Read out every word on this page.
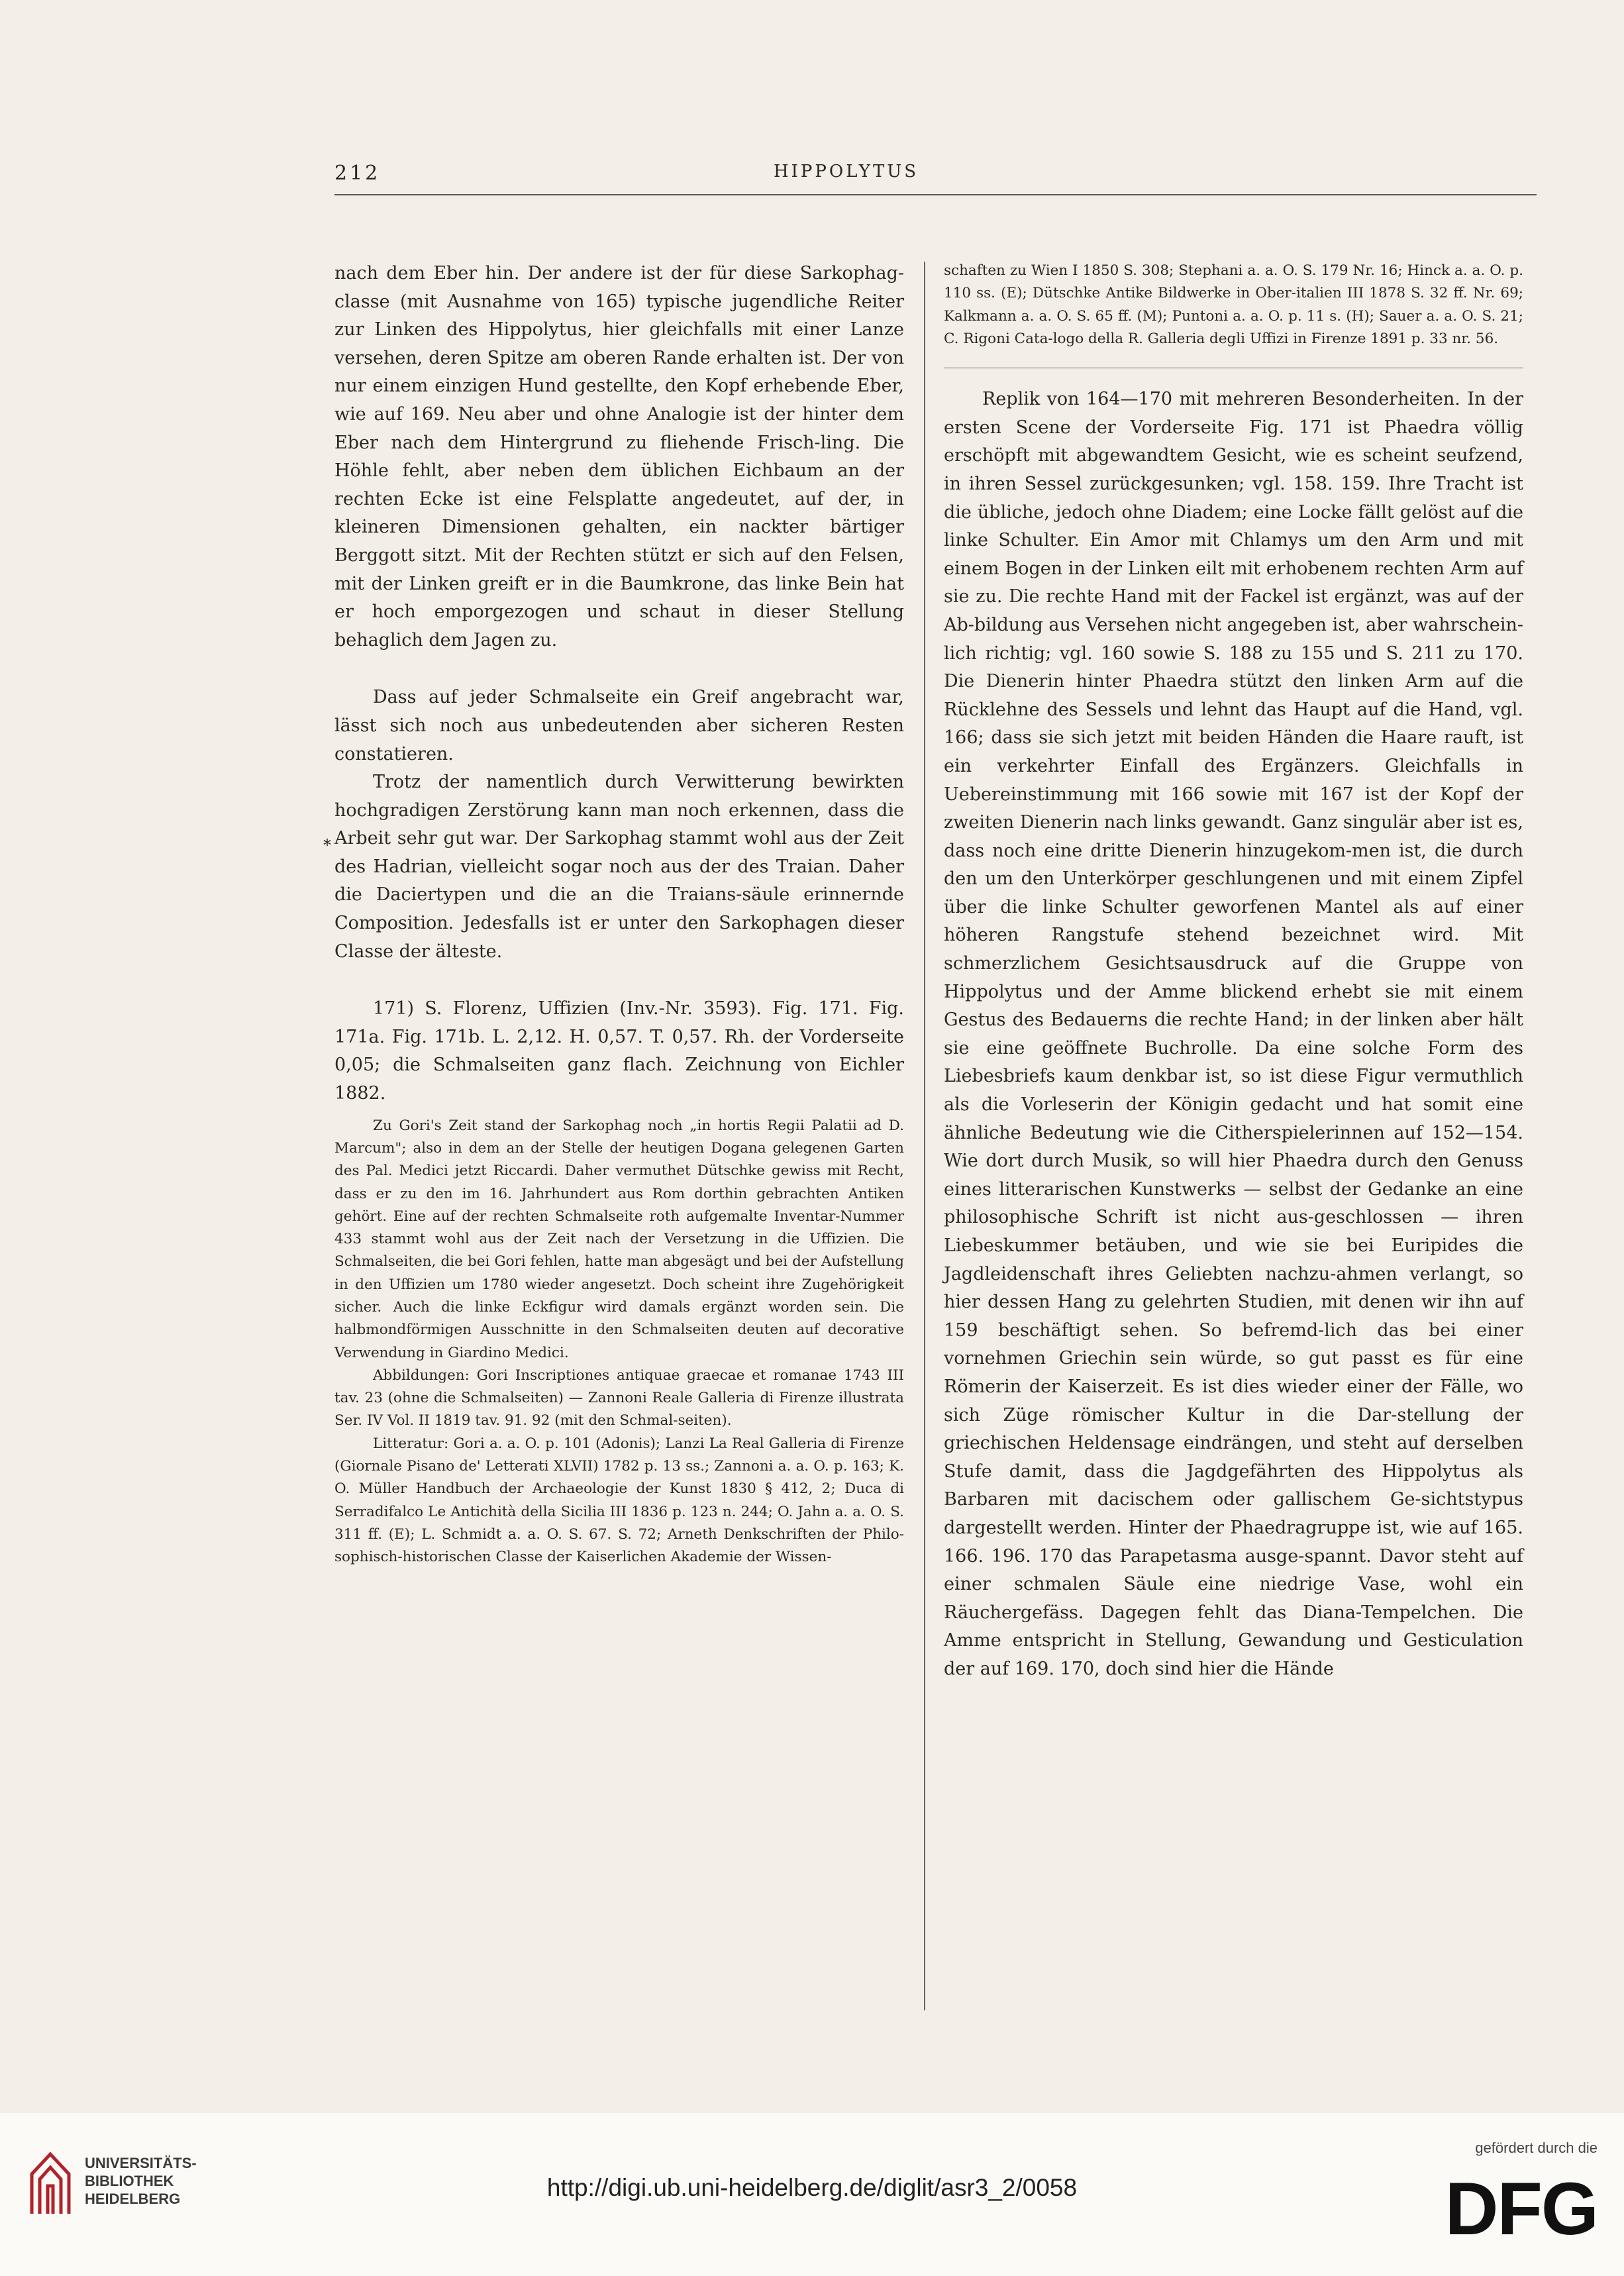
212	HIPPOLYTUS

nach dem Eber hin. Der andere ist der für diese Sarkophag-classe (mit Ausnahme von 165) typische jugendliche Reiter zur Linken des Hippolytus, hier gleichfalls mit einer Lanze versehen, deren Spitze am oberen Rande erhalten ist. Der von nur einem einzigen Hund gestellte, den Kopf erhebende Eber, wie auf 169. Neu aber und ohne Analogie ist der hinter dem Eber nach dem Hintergrund zu fliehende Frisch-ling. Die Höhle fehlt, aber neben dem üblichen Eichbaum an der rechten Ecke ist eine Felsplatte angedeutet, auf der, in kleineren Dimensionen gehalten, ein nackter bärtiger Berggott sitzt. Mit der Rechten stützt er sich auf den Felsen, mit der Linken greift er in die Baumkrone, das linke Bein hat er hoch emporgezogen und schaut in dieser Stellung behaglich dem Jagen zu.

Dass auf jeder Schmalseite ein Greif angebracht war, lässt sich noch aus unbedeutenden aber sicheren Resten constatieren.

Trotz der namentlich durch Verwitterung bewirkten hochgradigen Zerstörung kann man noch erkennen, dass die Arbeit sehr gut war. Der Sarkophag stammt wohl aus der Zeit des Hadrian, vielleicht sogar noch aus der des Traian. Daher die Daciertypen und die an die Traians-säule erinnernde Composition. Jedesfalls ist er unter den Sarkophagen dieser Classe der älteste.

171) S. Florenz, Uffizien (Inv.-Nr. 3593). Fig. 171. Fig. 171a. Fig. 171b. L. 2,12. H. 0,57. T. 0,57. Rh. der Vorderseite 0,05; die Schmalseiten ganz flach. Zeichnung von Eichler 1882.

Zu Gori's Zeit stand der Sarkophag noch „in hortis Regii Palatii ad D. Marcum"; also in dem an der Stelle der heutigen Dogana gelegenen Garten des Pal. Medici jetzt Riccardi. Daher vermuthet Dütschke gewiss mit Recht, dass er zu den im 16. Jahrhundert aus Rom dorthin gebrachten Antiken gehört. Eine auf der rechten Schmalseite roth aufgemalte Inventar-Nummer 433 stammt wohl aus der Zeit nach der Versetzung in die Uffizien. Die Schmalseiten, die bei Gori fehlen, hatte man abgesägt und bei der Aufstellung in den Uffizien um 1780 wieder angesetzt. Doch scheint ihre Zugehörigkeit sicher. Auch die linke Eckfigur wird damals ergänzt worden sein. Die halbmondförmigen Ausschnitte in den Schmalseiten deuten auf decorative Verwendung in Giardino Medici.

Abbildungen: Gori Inscriptiones antiquae graecae et romanae 1743 III tav. 23 (ohne die Schmalseiten) — Zannoni Reale Galleria di Firenze illustrata Ser. IV Vol. II 1819 tav. 91. 92 (mit den Schmal-seiten).

Litteratur: Gori a. a. O. p. 101 (Adonis); Lanzi La Real Galleria di Firenze (Giornale Pisano de' Letterati XLVII) 1782 p. 13 ss.; Zannoni a. a. O. p. 163; K. O. Müller Handbuch der Archaeologie der Kunst 1830 § 412, 2; Duca di Serradifalco Le Antichità della Sicilia III 1836 p. 123 n. 244; O. Jahn a. a. O. S. 311 ff. (E); L. Schmidt a. a. O. S. 67. S. 72; Arneth Denkschriften der Philo-sophisch-historischen Classe der Kaiserlichen Akademie der Wissen-

*

schaften zu Wien I 1850 S. 308; Stephani a. a. O. S. 179 Nr. 16; Hinck a. a. O. p. 110 ss. (E); Dütschke Antike Bildwerke in Ober-italien III 1878 S. 32 ff. Nr. 69; Kalkmann a. a. O. S. 65 ff. (M); Puntoni a. a. O. p. 11 s. (H); Sauer a. a. O. S. 21; C. Rigoni Cata-logo della R. Galleria degli Uffizi in Firenze 1891 p. 33 nr. 56.

Replik von 164—170 mit mehreren Besonderheiten. In der ersten Scene der Vorderseite Fig. 171 ist Phaedra völlig erschöpft mit abgewandtem Gesicht, wie es scheint seufzend, in ihren Sessel zurückgesunken; vgl. 158. 159. Ihre Tracht ist die übliche, jedoch ohne Diadem; eine Locke fällt gelöst auf die linke Schulter. Ein Amor mit Chlamys um den Arm und mit einem Bogen in der Linken eilt mit erhobenem rechten Arm auf sie zu. Die rechte Hand mit der Fackel ist ergänzt, was auf der Ab-bildung aus Versehen nicht angegeben ist, aber wahrschein-lich richtig; vgl. 160 sowie S. 188 zu 155 und S. 211 zu 170. Die Dienerin hinter Phaedra stützt den linken Arm auf die Rücklehne des Sessels und lehnt das Haupt auf die Hand, vgl. 166; dass sie sich jetzt mit beiden Händen die Haare rauft, ist ein verkehrter Einfall des Ergänzers. Gleichfalls in Uebereinstimmung mit 166 sowie mit 167 ist der Kopf der zweiten Dienerin nach links gewandt. Ganz singulär aber ist es, dass noch eine dritte Dienerin hinzugekom-men ist, die durch den um den Unterkörper geschlungenen und mit einem Zipfel über die linke Schulter geworfenen Mantel als auf einer höheren Rangstufe stehend bezeichnet wird. Mit schmerzlichem Gesichtsausdruck auf die Gruppe von Hippolytus und der Amme blickend erhebt sie mit einem Gestus des Bedauerns die rechte Hand; in der linken aber hält sie eine geöffnete Buchrolle. Da eine solche Form des Liebesbriefs kaum denkbar ist, so ist diese Figur vermuthlich als die Vorleserin der Königin gedacht und hat somit eine ähnliche Bedeutung wie die Citherspielerinnen auf 152—154. Wie dort durch Musik, so will hier Phaedra durch den Genuss eines litterarischen Kunstwerks — selbst der Gedanke an eine philosophische Schrift ist nicht aus-geschlossen — ihren Liebeskummer betäuben, und wie sie bei Euripides die Jagdleidenschaft ihres Geliebten nachzu-ahmen verlangt, so hier dessen Hang zu gelehrten Studien, mit denen wir ihn auf 159 beschäftigt sehen. So befremd-lich das bei einer vornehmen Griechin sein würde, so gut passt es für eine Römerin der Kaiserzeit. Es ist dies wieder einer der Fälle, wo sich Züge römischer Kultur in die Dar-stellung der griechischen Heldensage eindrängen, und steht auf derselben Stufe damit, dass die Jagdgefährten des Hippolytus als Barbaren mit dacischem oder gallischem Ge-sichtstypus dargestellt werden. Hinter der Phaedragruppe ist, wie auf 165. 166. 196. 170 das Parapetasma ausge-spannt. Davor steht auf einer schmalen Säule eine niedrige Vase, wohl ein Räuchergefäss. Dagegen fehlt das Diana-Tempelchen. Die Amme entspricht in Stellung, Gewandung und Gesticulation der auf 169. 170, doch sind hier die Hände

UNIVERSITÄTS-
BIBLIOTHEK
HEIDELBERG	http://digi.ub.uni-heidelberg.de/diglit/asr3_2/0058
gefördert durch die
DFG
